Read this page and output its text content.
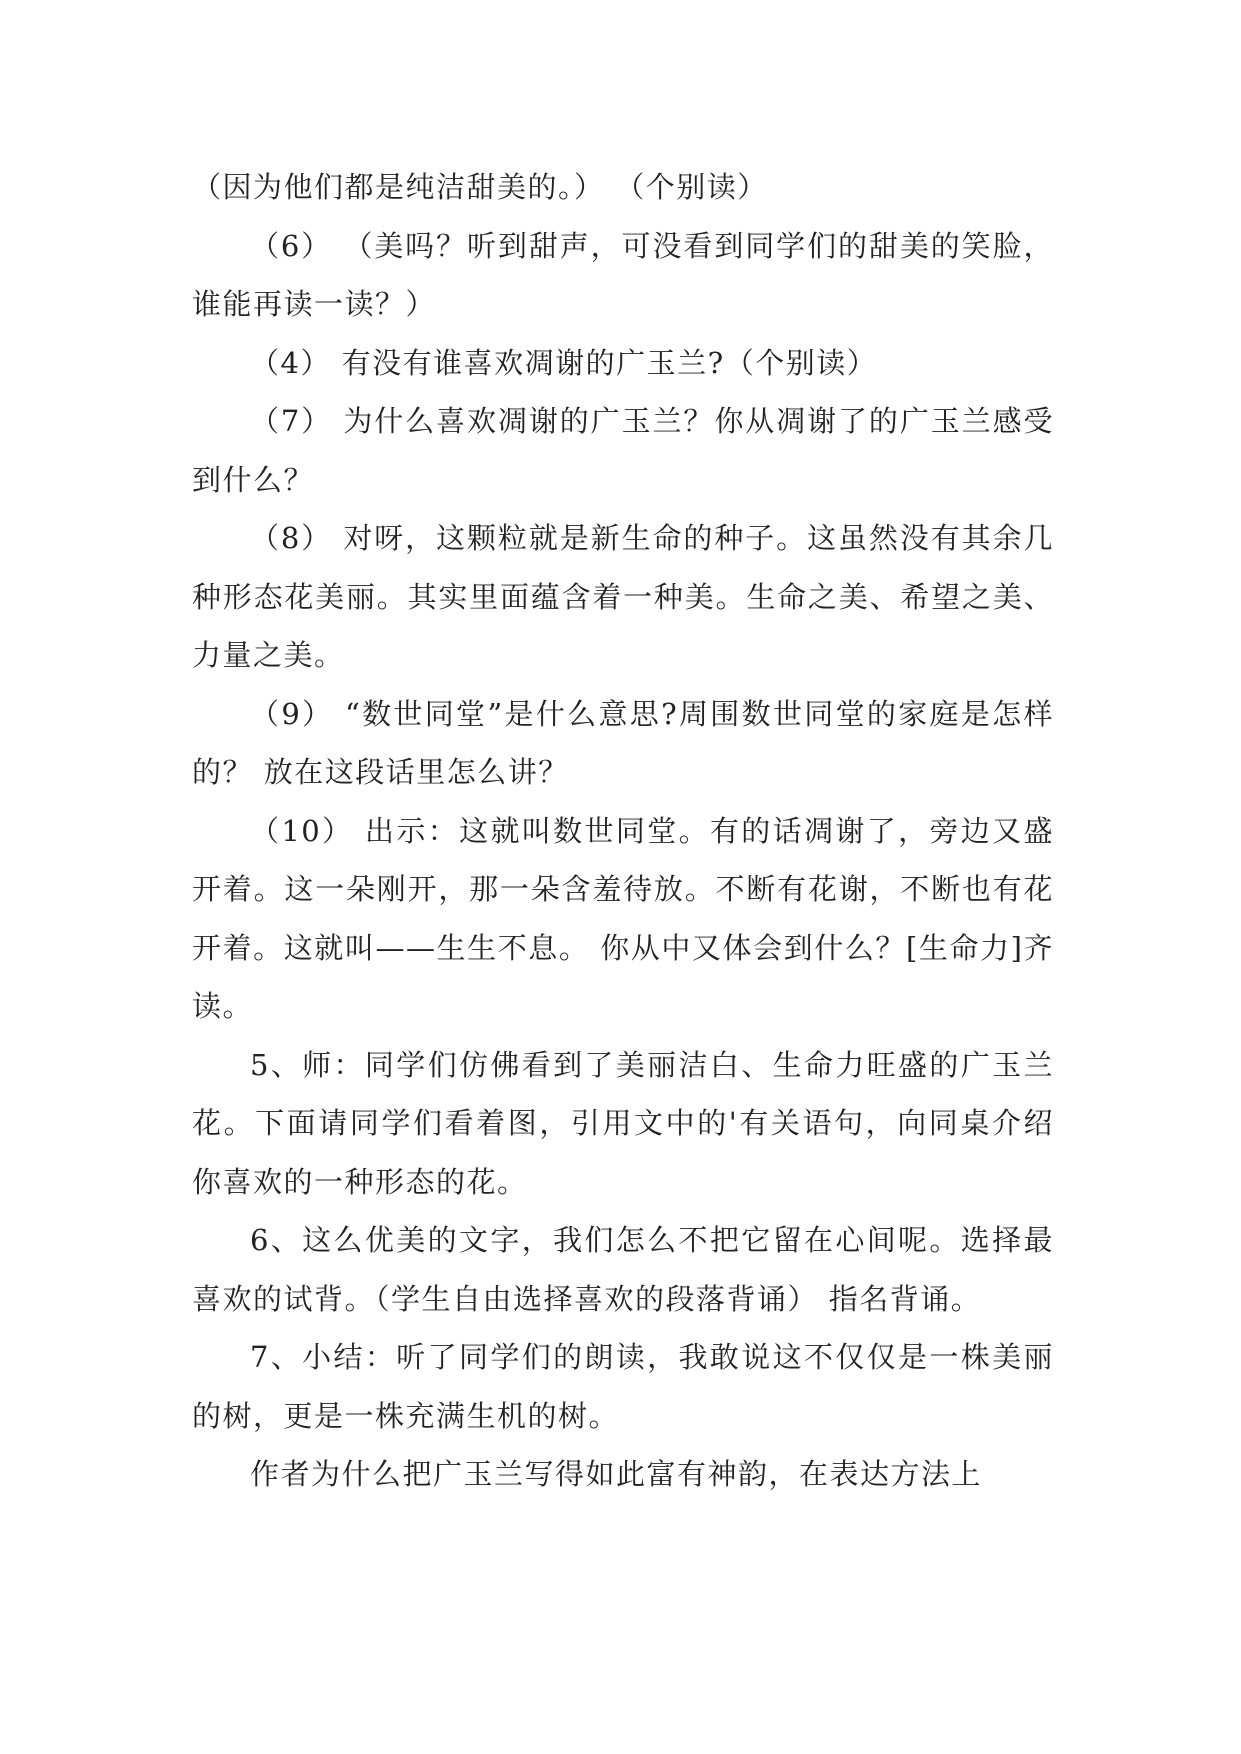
（因为他们都是纯洁甜美的。） （个别读）

（6） （美吗？听到甜声，可没看到同学们的甜美的笑脸，谁能再读一读？）

（4） 有没有谁喜欢凋谢的广玉兰?（个别读）

（7） 为什么喜欢凋谢的广玉兰？你从凋谢了的广玉兰感受到什么？

（8） 对呀，这颗粒就是新生命的种子。这虽然没有其余几种形态花美丽。其实里面蕴含着一种美。生命之美、希望之美、力量之美。

（9） “数世同堂”是什么意思?周围数世同堂的家庭是怎样的？ 放在这段话里怎么讲？

（10） 出示：这就叫数世同堂。有的话凋谢了，旁边又盛开着。这一朵刚开，那一朵含羞待放。不断有花谢，不断也有花开着。这就叫——生生不息。 你从中又体会到什么？[生命力]齐读。

5、师：同学们仿佛看到了美丽洁白、生命力旺盛的广玉兰花。下面请同学们看着图，引用文中的'有关语句，向同桌介绍你喜欢的一种形态的花。

6、这么优美的文字，我们怎么不把它留在心间呢。选择最喜欢的试背。（学生自由选择喜欢的段落背诵） 指名背诵。

7、小结：听了同学们的朗读，我敢说这不仅仅是一株美丽的树，更是一株充满生机的树。

作者为什么把广玉兰写得如此富有神韵，在表达方法上
